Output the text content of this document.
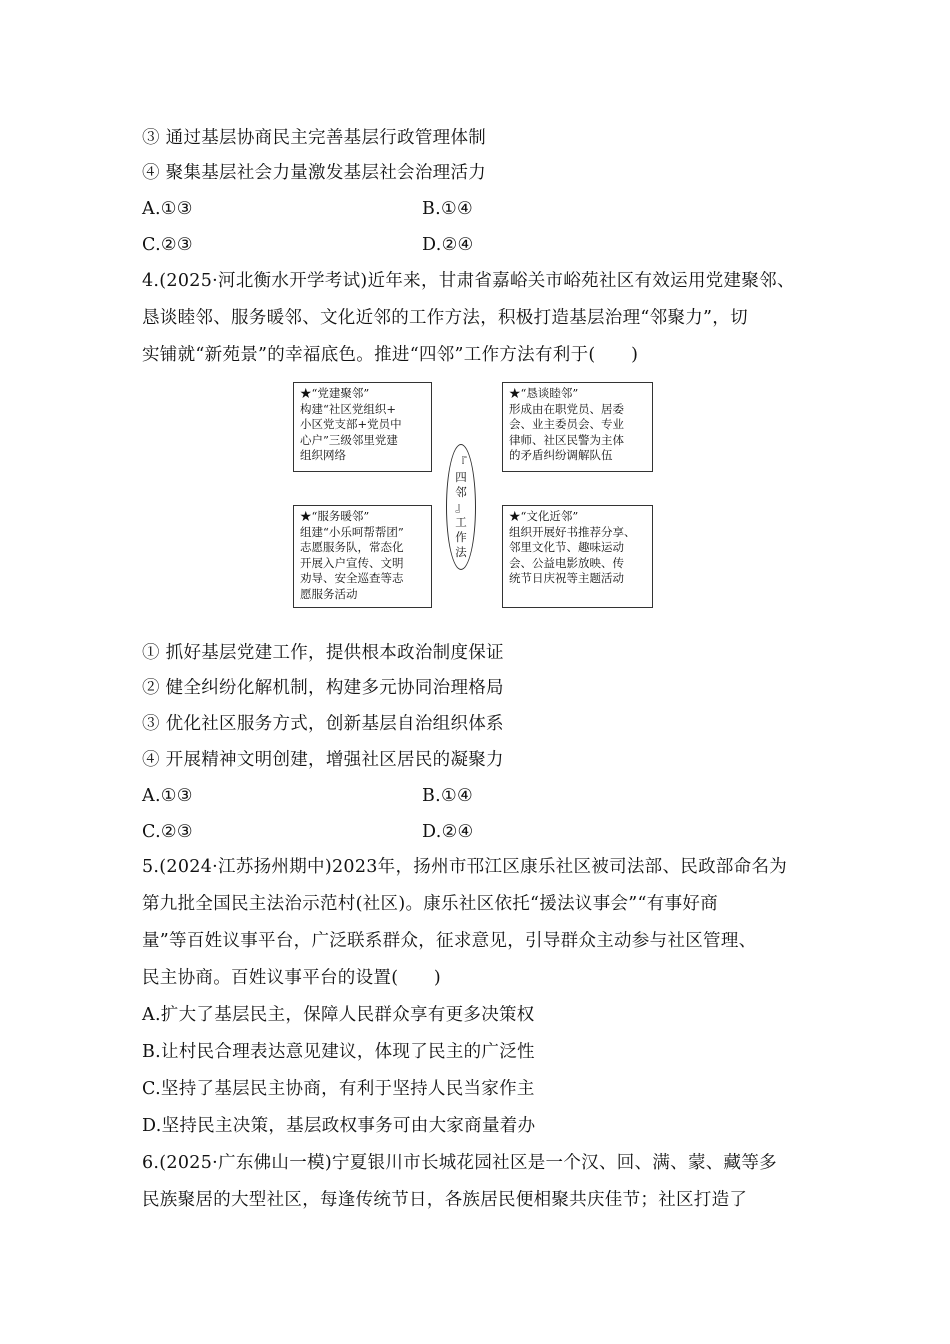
③ 通过基层协商民主完善基层行政管理体制
④ 聚集基层社会力量激发基层社会治理活力
A.①③	B.①④
C.②③	D.②④
4.(2025·河北衡水开学考试)近年来，甘肃省嘉峪关市峪苑社区有效运用党建聚邻、
恳谈睦邻、服务暖邻、文化近邻的工作方法，积极打造基层治理“邻聚力”，切
实铺就“新苑景”的幸福底色。推进“四邻”工作方法有利于(　　)
★“党建聚邻”
构建“社区党组织+
小区党支部+党员中
心户”三级邻里党建
组织网络
★“恳谈睦邻”
形成由在职党员、居委
会、业主委员会、专业
律师、社区民警为主体
的矛盾纠纷调解队伍
★“服务暖邻”
组建“小乐呵帮帮团”
志愿服务队，常态化
开展入户宣传、文明
劝导、安全巡查等志
愿服务活动
★“文化近邻”
组织开展好书推荐分享、
邻里文化节、趣味运动
会、公益电影放映、传
统节日庆祝等主题活动
『
四
邻
』
工
作
法
① 抓好基层党建工作，提供根本政治制度保证
② 健全纠纷化解机制，构建多元协同治理格局
③ 优化社区服务方式，创新基层自治组织体系
④ 开展精神文明创建，增强社区居民的凝聚力
A.①③	B.①④
C.②③	D.②④
5.(2024·江苏扬州期中)2023年，扬州市邗江区康乐社区被司法部、民政部命名为
第九批全国民主法治示范村(社区)。康乐社区依托“援法议事会”“有事好商
量”等百姓议事平台，广泛联系群众，征求意见，引导群众主动参与社区管理、
民主协商。百姓议事平台的设置(　　)
A.扩大了基层民主，保障人民群众享有更多决策权
B.让村民合理表达意见建议，体现了民主的广泛性
C.坚持了基层民主协商，有利于坚持人民当家作主
D.坚持民主决策，基层政权事务可由大家商量着办
6.(2025·广东佛山一模)宁夏银川市长城花园社区是一个汉、回、满、蒙、藏等多
民族聚居的大型社区，每逢传统节日，各族居民便相聚共庆佳节；社区打造了
